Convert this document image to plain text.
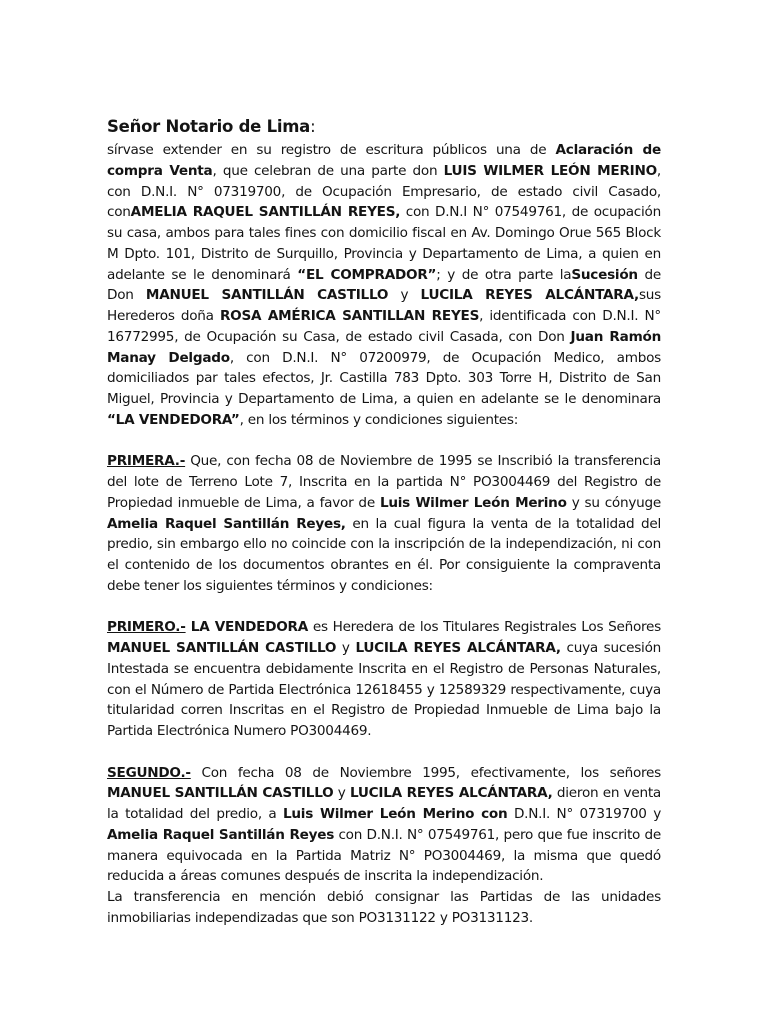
Señor Notario de Lima:

sírvase extender en su registro de escritura públicos una de Aclaración de compra Venta, que celebran de una parte don LUIS WILMER LEÓN MERINO, con D.N.I. N° 07319700, de Ocupación Empresario, de estado civil Casado, conAMELIA RAQUEL SANTILLÁN REYES, con D.N.I N° 07549761, de ocupación su casa, ambos para tales fines con domicilio fiscal en Av. Domingo Orue 565 Block M Dpto. 101, Distrito de Surquillo, Provincia y Departamento de Lima, a quien en adelante se le denominará “EL COMPRADOR”; y de otra parte laSucesión de Don MANUEL SANTILLÁN CASTILLO y LUCILA REYES ALCÁNTARA,sus Herederos doña ROSA AMÉRICA SANTILLAN REYES, identificada con D.N.I. N° 16772995, de Ocupación su Casa, de estado civil Casada, con Don Juan Ramón Manay Delgado, con D.N.I. N° 07200979, de Ocupación Medico, ambos domiciliados par tales efectos, Jr. Castilla 783 Dpto. 303 Torre H, Distrito de San Miguel, Provincia y Departamento de Lima, a quien en adelante se le denominara “LA VENDEDORA”, en los términos y condiciones siguientes:

PRIMERA.- Que, con fecha 08 de Noviembre de 1995 se Inscribió la transferencia del lote de Terreno Lote 7, Inscrita en la partida N° PO3004469 del Registro de Propiedad inmueble de Lima, a favor de Luis Wilmer León Merino y su cónyuge Amelia Raquel Santillán Reyes, en la cual figura la venta de la totalidad del predio, sin embargo ello no coincide con la inscripción de la independización, ni con el contenido de los documentos obrantes en él. Por consiguiente la compraventa debe tener los siguientes términos y condiciones:

PRIMERO.- LA VENDEDORA es Heredera de los Titulares Registrales Los Señores MANUEL SANTILLÁN CASTILLO y LUCILA REYES ALCÁNTARA, cuya sucesión Intestada se encuentra debidamente Inscrita en el Registro de Personas Naturales, con el Número de Partida Electrónica 12618455 y 12589329 respectivamente, cuya titularidad corren Inscritas en el Registro de Propiedad Inmueble de Lima bajo la Partida Electrónica Numero PO3004469.

SEGUNDO.- Con fecha 08 de Noviembre 1995, efectivamente, los señores MANUEL SANTILLÁN CASTILLO y LUCILA REYES ALCÁNTARA, dieron en venta la totalidad del predio, a Luis Wilmer León Merino con D.N.I. N° 07319700 y Amelia Raquel Santillán Reyes con D.N.I. N° 07549761, pero que fue inscrito de manera equivocada en la Partida Matriz N° PO3004469, la misma que quedó reducida a áreas comunes después de inscrita la independización.

La transferencia en mención debió consignar las Partidas de las unidades inmobiliarias independizadas que son PO3131122 y PO3131123.
